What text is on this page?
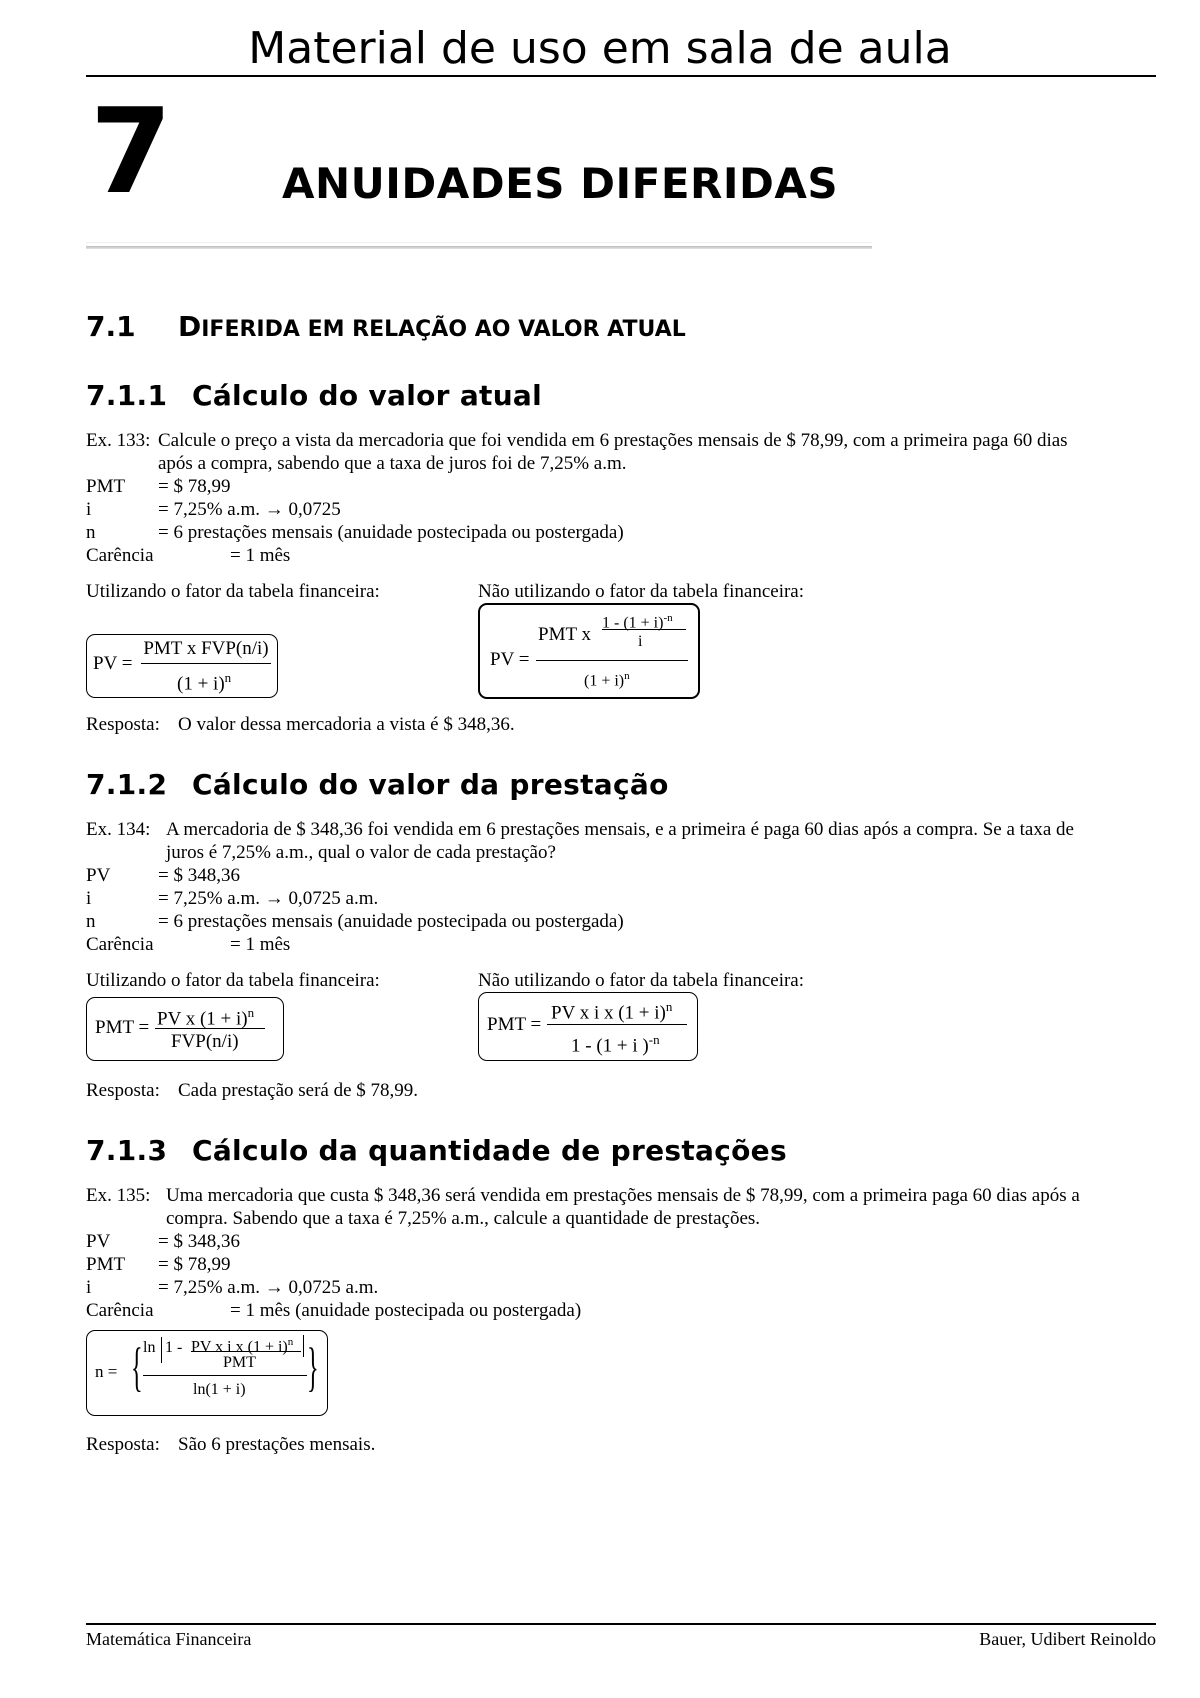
Material de uso em sala de aula
7	ANUIDADES DIFERIDAS
7.1 DIFERIDA EM RELAÇÃO AO VALOR ATUAL
7.1.1 Cálculo do valor atual
Ex. 133: Calcule o preço a vista da mercadoria que foi vendida em 6 prestações mensais de $ 78,99, com a primeira paga 60 dias
após a compra, sabendo que a taxa de juros foi de 7,25% a.m.
PMT = $ 78,99
i	= 7,25% a.m. → 0,0725
n	= 6 prestações mensais (anuidade postecipada ou postergada)
Carência	= 1 mês
Utilizando o fator da tabela financeira:	Não utilizando o fator da tabela financeira:
PV =
PMT x FVP(n/i)
$(1 + i)^n$
PV =
PMT x
$1 - (1 + i)^{-n}$
i
$(1 + i)^n$
Resposta: O valor dessa mercadoria a vista é $ 348,36.
7.1.2 Cálculo do valor da prestação
Ex. 134: A mercadoria de $ 348,36 foi vendida em 6 prestações mensais, e a primeira é paga 60 dias após a compra. Se a taxa de
juros é 7,25% a.m., qual o valor de cada prestação?
PV	= $ 348,36
i	= 7,25% a.m. → 0,0725 a.m.
n	= 6 prestações mensais (anuidade postecipada ou postergada)
Carência	= 1 mês
Utilizando o fator da tabela financeira:	Não utilizando o fator da tabela financeira:
PMT = PV x $(1 + i)^n$
FVP(n/i)
PMT =
PV x i x $(1 + i)^n$
1 - (1 + i )$^{-n}$
Resposta: Cada prestação será de $ 78,99.
7.1.3 Cálculo da quantidade de prestações
Ex. 135: Uma mercadoria que custa $ 348,36 será vendida em prestações mensais de $ 78,99, com a primeira paga 60 dias após a
compra. Sabendo que a taxa é 7,25% a.m., calcule a quantidade de prestações.
PV	= $ 348,36
PMT = $ 78,99
i	= 7,25% a.m. → 0,0725 a.m.
Carência	= 1 mês (anuidade postecipada ou postergada)
n = { ln 1 - PV x i x $(1 + i)^n$
PMT
ln(1 + i) }
Resposta: São 6 prestações mensais.
Matemática Financeira	Bauer, Udibert Reinoldo
